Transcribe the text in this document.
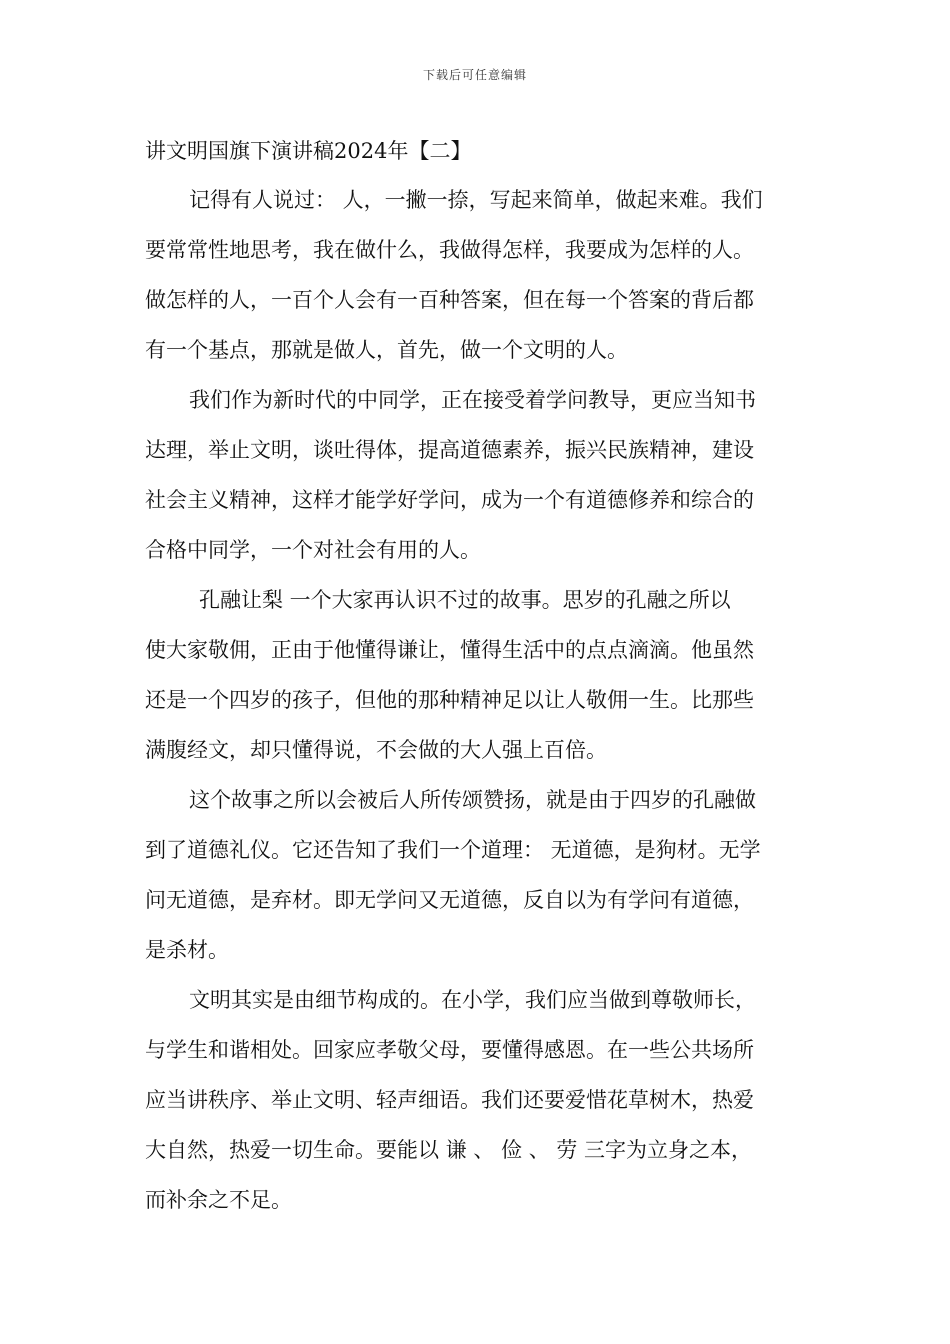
下载后可任意编辑
讲文明国旗下演讲稿2024年【二】
记得有人说过： 人，一撇一捺，写起来简单，做起来难。我们
要常常性地思考，我在做什么，我做得怎样，我要成为怎样的人。
做怎样的人，一百个人会有一百种答案，但在每一个答案的背后都
有一个基点，那就是做人，首先，做一个文明的人。
我们作为新时代的中同学，正在接受着学问教导，更应当知书
达理，举止文明，谈吐得体，提高道德素养，振兴民族精神，建设
社会主义精神，这样才能学好学问，成为一个有道德修养和综合的
合格中同学，一个对社会有用的人。
孔融让梨 一个大家再认识不过的故事。思岁的孔融之所以
使大家敬佣，正由于他懂得谦让，懂得生活中的点点滴滴。他虽然
还是一个四岁的孩子，但他的那种精神足以让人敬佣一生。比那些
满腹经文，却只懂得说，不会做的大人强上百倍。
这个故事之所以会被后人所传颂赞扬，就是由于四岁的孔融做
到了道德礼仪。它还告知了我们一个道理： 无道德，是狗材。无学
问无道德，是弃材。即无学问又无道德，反自以为有学问有道德，
是杀材。
文明其实是由细节构成的。在小学，我们应当做到尊敬师长，
与学生和谐相处。回家应孝敬父母，要懂得感恩。在一些公共场所
应当讲秩序、举止文明、轻声细语。我们还要爱惜花草树木，热爱
大自然，热爱一切生命。要能以 谦 、 俭 、 劳 三字为立身之本，
而补余之不足。
